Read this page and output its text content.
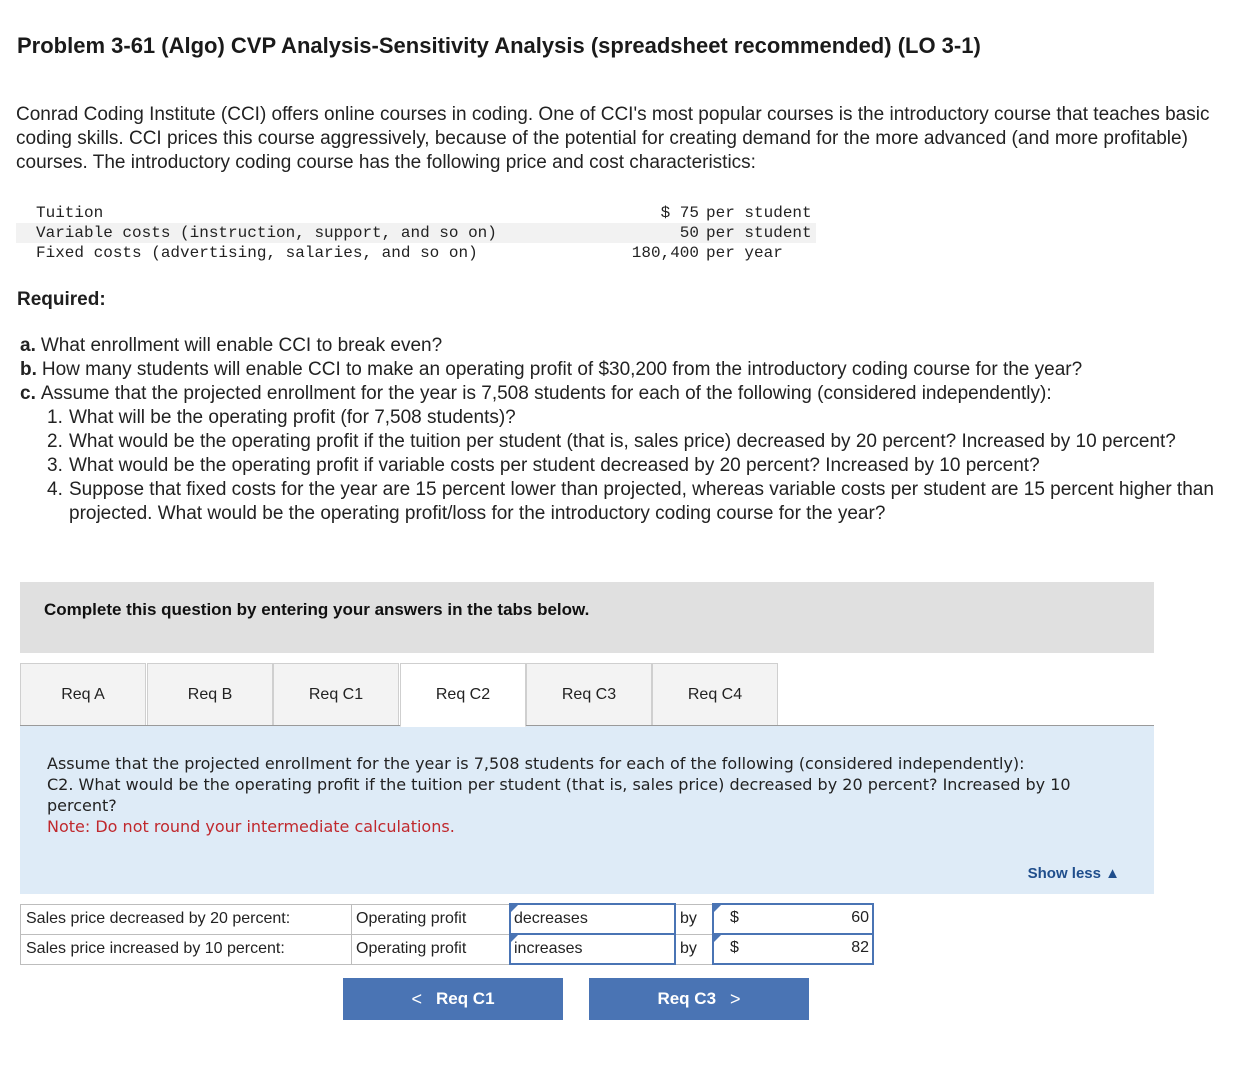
Problem 3-61 (Algo) CVP Analysis-Sensitivity Analysis (spreadsheet recommended) (LO 3-1)
Conrad Coding Institute (CCI) offers online courses in coding. One of CCI's most popular courses is the introductory course that teaches basic coding skills. CCI prices this course aggressively, because of the potential for creating demand for the more advanced (and more profitable) courses. The introductory coding course has the following price and cost characteristics:
Tuition	$ 75 per student
Variable costs (instruction, support, and so on)	50 per student
Fixed costs (advertising, salaries, and so on)	180,400 per year
Required:
a. What enrollment will enable CCI to break even?
b. How many students will enable CCI to make an operating profit of $30,200 from the introductory coding course for the year?
c. Assume that the projected enrollment for the year is 7,508 students for each of the following (considered independently):
1. What will be the operating profit (for 7,508 students)?
2. What would be the operating profit if the tuition per student (that is, sales price) decreased by 20 percent? Increased by 10 percent?
3. What would be the operating profit if variable costs per student decreased by 20 percent? Increased by 10 percent?
4. Suppose that fixed costs for the year are 15 percent lower than projected, whereas variable costs per student are 15 percent higher than projected. What would be the operating profit/loss for the introductory coding course for the year?
Complete this question by entering your answers in the tabs below.
Req A	Req B	Req C1	Req C2	Req C3	Req C4
Assume that the projected enrollment for the year is 7,508 students for each of the following (considered independently):
C2. What would be the operating profit if the tuition per student (that is, sales price) decreased by 20 percent? Increased by 10 percent?
Note: Do not round your intermediate calculations.
Show less ▲
Sales price decreased by 20 percent:	Operating profit	decreases	by	$ 60

Sales price increased by 10 percent:	Operating profit	increases	by	$ 82
< Req C1	Req C3 >
